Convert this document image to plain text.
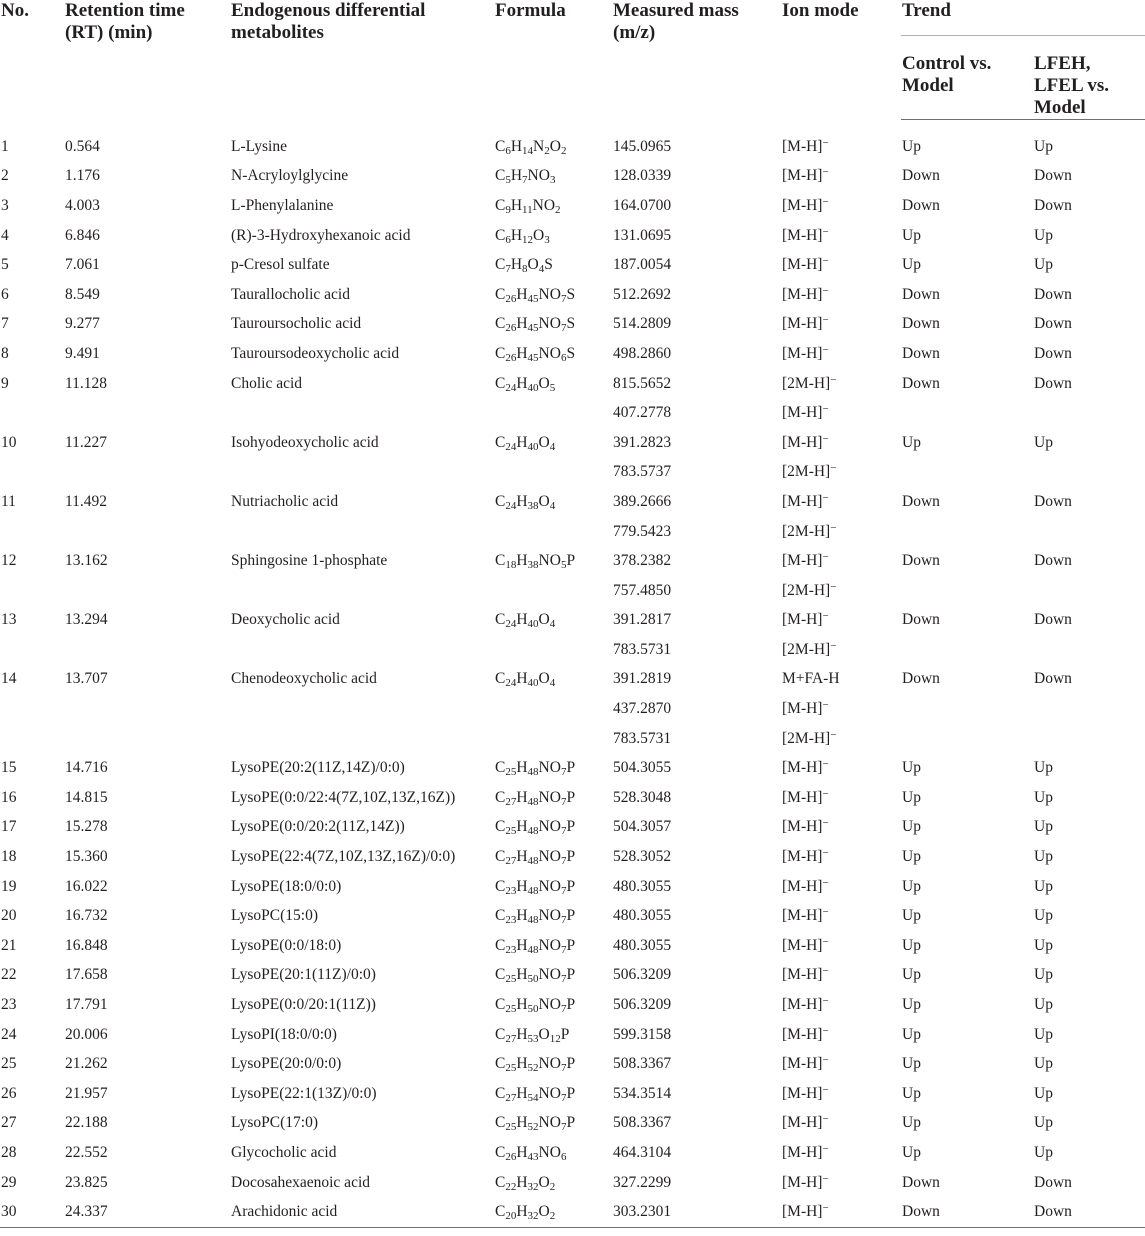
No.	Retention time (RT) (min)	Endogenous differential metabolites	Formula	Measured mass (m/z)	Ion mode	Trend	
						Control vs. Model	LFEH, LFEL vs. Model

1	0.564	L-Lysine	$C_6H_{14}N_2O_2$	145.0965	[M-H]−	Up	Up
2	1.176	N-Acryloylglycine	$C_5H_7NO_3$	128.0339	[M-H]−	Down	Down
3	4.003	L-Phenylalanine	$C_9H_{11}NO_2$	164.0700	[M-H]−	Down	Down
4	6.846	(R)-3-Hydroxyhexanoic acid	$C_6H_{12}O_3$	131.0695	[M-H]−	Up	Up
5	7.061	p-Cresol sulfate	$C_7H_8O_4S$	187.0054	[M-H]−	Up	Up
6	8.549	Taurallocholic acid	$C_{26}H_{45}NO_7S$	512.2692	[M-H]−	Down	Down
7	9.277	Tauroursocholic acid	$C_{26}H_{45}NO_7S$	514.2809	[M-H]−	Down	Down
8	9.491	Tauroursodeoxycholic acid	$C_{26}H_{45}NO_6S$	498.2860	[M-H]−	Down	Down
9	11.128	Cholic acid	$C_{24}H_{40}O_5$	815.5652	[2M-H]−	Down	Down
				407.2778	[M-H]−		
10	11.227	Isohyodeoxycholic acid	$C_{24}H_{40}O_4$	391.2823	[M-H]−	Up	Up
				783.5737	[2M-H]−		
11	11.492	Nutriacholic acid	$C_{24}H_{38}O_4$	389.2666	[M-H]−	Down	Down
				779.5423	[2M-H]−		
12	13.162	Sphingosine 1-phosphate	$C_{18}H_{38}NO_5P$	378.2382	[M-H]−	Down	Down
				757.4850	[2M-H]−		
13	13.294	Deoxycholic acid	$C_{24}H_{40}O_4$	391.2817	[M-H]−	Down	Down
				783.5731	[2M-H]−		
14	13.707	Chenodeoxycholic acid	$C_{24}H_{40}O_4$	391.2819	M+FA-H	Down	Down
				437.2870	[M-H]−		
				783.5731	[2M-H]−		
15	14.716	LysoPE(20:2(11Z,14Z)/0:0)	$C_{25}H_{48}NO_7P$	504.3055	[M-H]−	Up	Up
16	14.815	LysoPE(0:0/22:4(7Z,10Z,13Z,16Z))	$C_{27}H_{48}NO_7P$	528.3048	[M-H]−	Up	Up
17	15.278	LysoPE(0:0/20:2(11Z,14Z))	$C_{25}H_{48}NO_7P$	504.3057	[M-H]−	Up	Up
18	15.360	LysoPE(22:4(7Z,10Z,13Z,16Z)/0:0)	$C_{27}H_{48}NO_7P$	528.3052	[M-H]−	Up	Up
19	16.022	LysoPE(18:0/0:0)	$C_{23}H_{48}NO_7P$	480.3055	[M-H]−	Up	Up
20	16.732	LysoPC(15:0)	$C_{23}H_{48}NO_7P$	480.3055	[M-H]−	Up	Up
21	16.848	LysoPE(0:0/18:0)	$C_{23}H_{48}NO_7P$	480.3055	[M-H]−	Up	Up
22	17.658	LysoPE(20:1(11Z)/0:0)	$C_{25}H_{50}NO_7P$	506.3209	[M-H]−	Up	Up
23	17.791	LysoPE(0:0/20:1(11Z))	$C_{25}H_{50}NO_7P$	506.3209	[M-H]−	Up	Up
24	20.006	LysoPI(18:0/0:0)	$C_{27}H_{53}O_{12}P$	599.3158	[M-H]−	Up	Up
25	21.262	LysoPE(20:0/0:0)	$C_{25}H_{52}NO_7P$	508.3367	[M-H]−	Up	Up
26	21.957	LysoPE(22:1(13Z)/0:0)	$C_{27}H_{54}NO_7P$	534.3514	[M-H]−	Up	Up
27	22.188	LysoPC(17:0)	$C_{25}H_{52}NO_7P$	508.3367	[M-H]−	Up	Up
28	22.552	Glycocholic acid	$C_{26}H_{43}NO_6$	464.3104	[M-H]−	Up	Up
29	23.825	Docosahexaenoic acid	$C_{22}H_{32}O_2$	327.2299	[M-H]−	Down	Down
30	24.337	Arachidonic acid	$C_{20}H_{32}O_2$	303.2301	[M-H]−	Down	Down
